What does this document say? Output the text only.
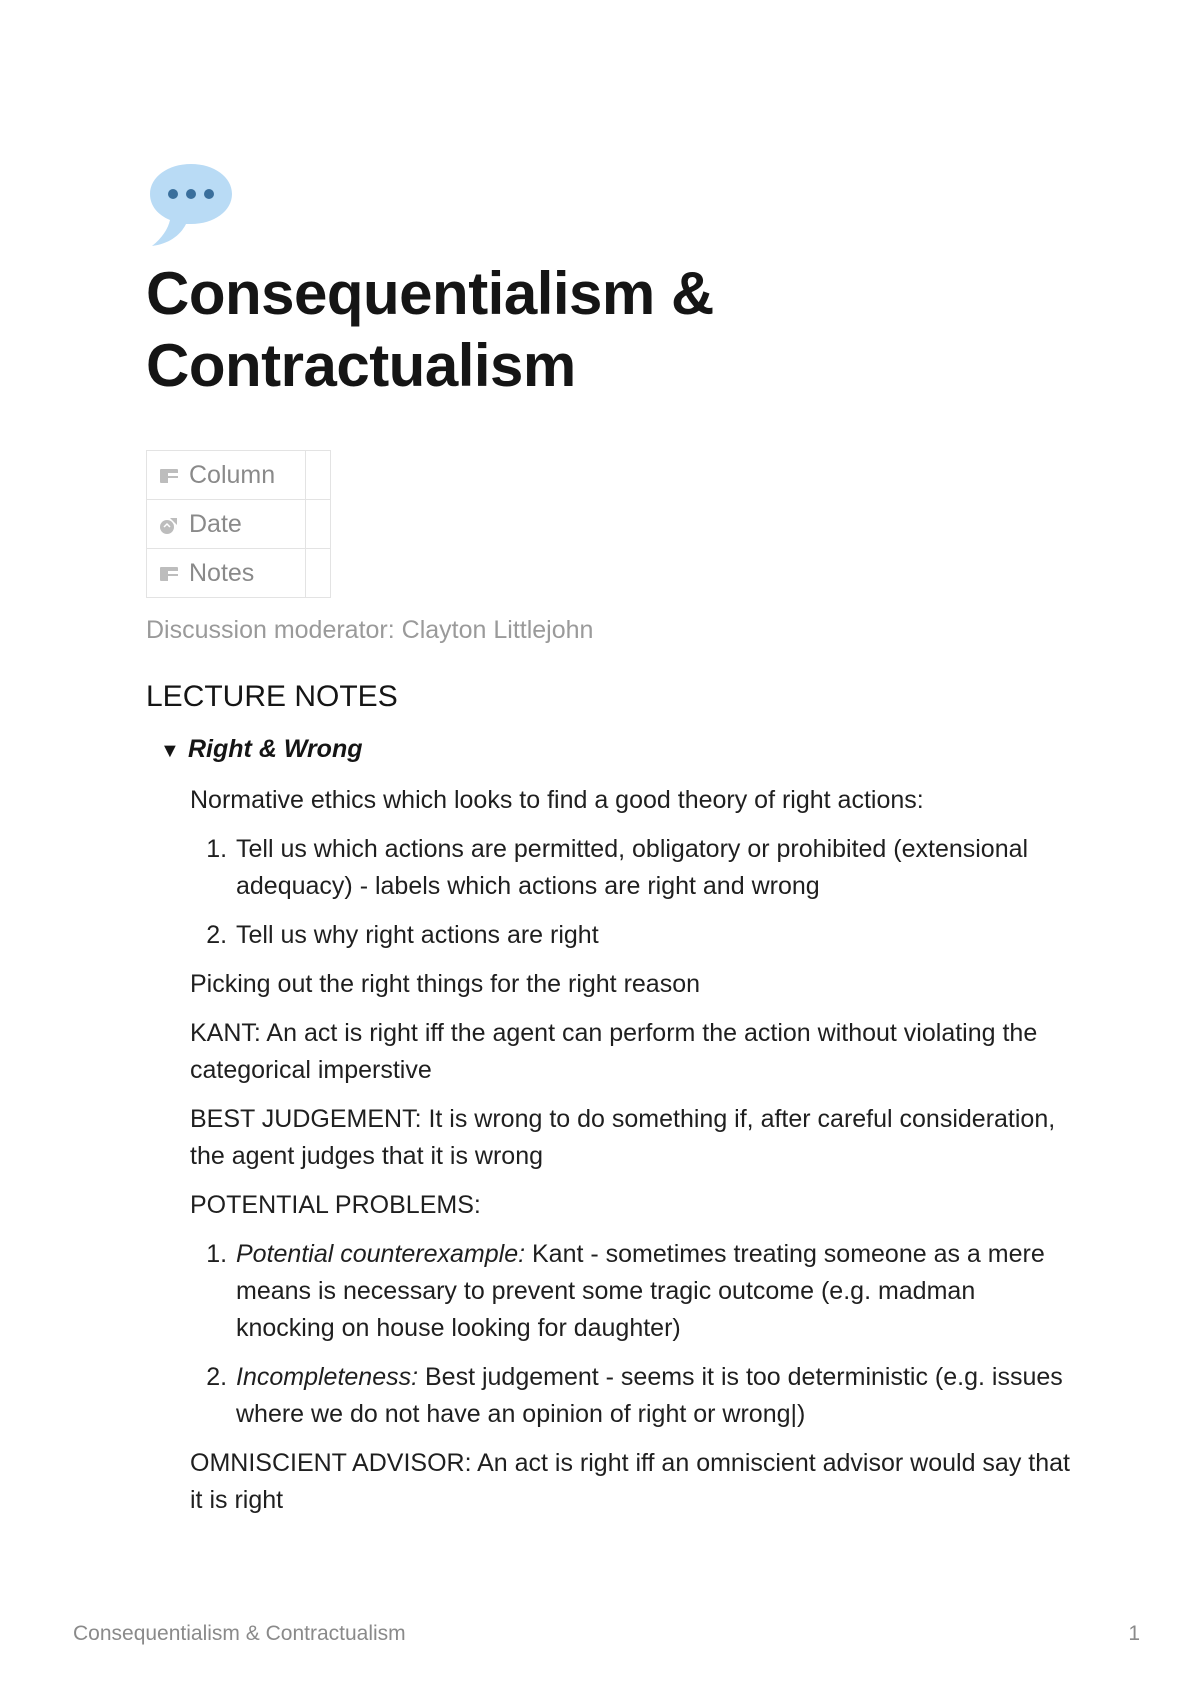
Consequentialism & Contractualism
Column	
Date	
Notes	
Discussion moderator: Clayton Littlejohn
LECTURE NOTES
▼ Right & Wrong

Normative ethics which looks to find a good theory of right actions:

1. Tell us which actions are permitted, obligatory or prohibited (extensional adequacy) - labels which actions are right and wrong
2. Tell us why right actions are right

Picking out the right things for the right reason

KANT: An act is right iff the agent can perform the action without violating the categorical imperstive

BEST JUDGEMENT: It is wrong to do something if, after careful consideration, the agent judges that it is wrong

POTENTIAL PROBLEMS:

1. Potential counterexample: Kant - sometimes treating someone as a mere means is necessary to prevent some tragic outcome (e.g. madman knocking on house looking for daughter)
2. Incompleteness: Best judgement - seems it is too deterministic (e.g. issues where we do not have an opinion of right or wrong|)

OMNISCIENT ADVISOR: An act is right iff an omniscient advisor would say that it is right

Consequentialism & Contractualism	1
